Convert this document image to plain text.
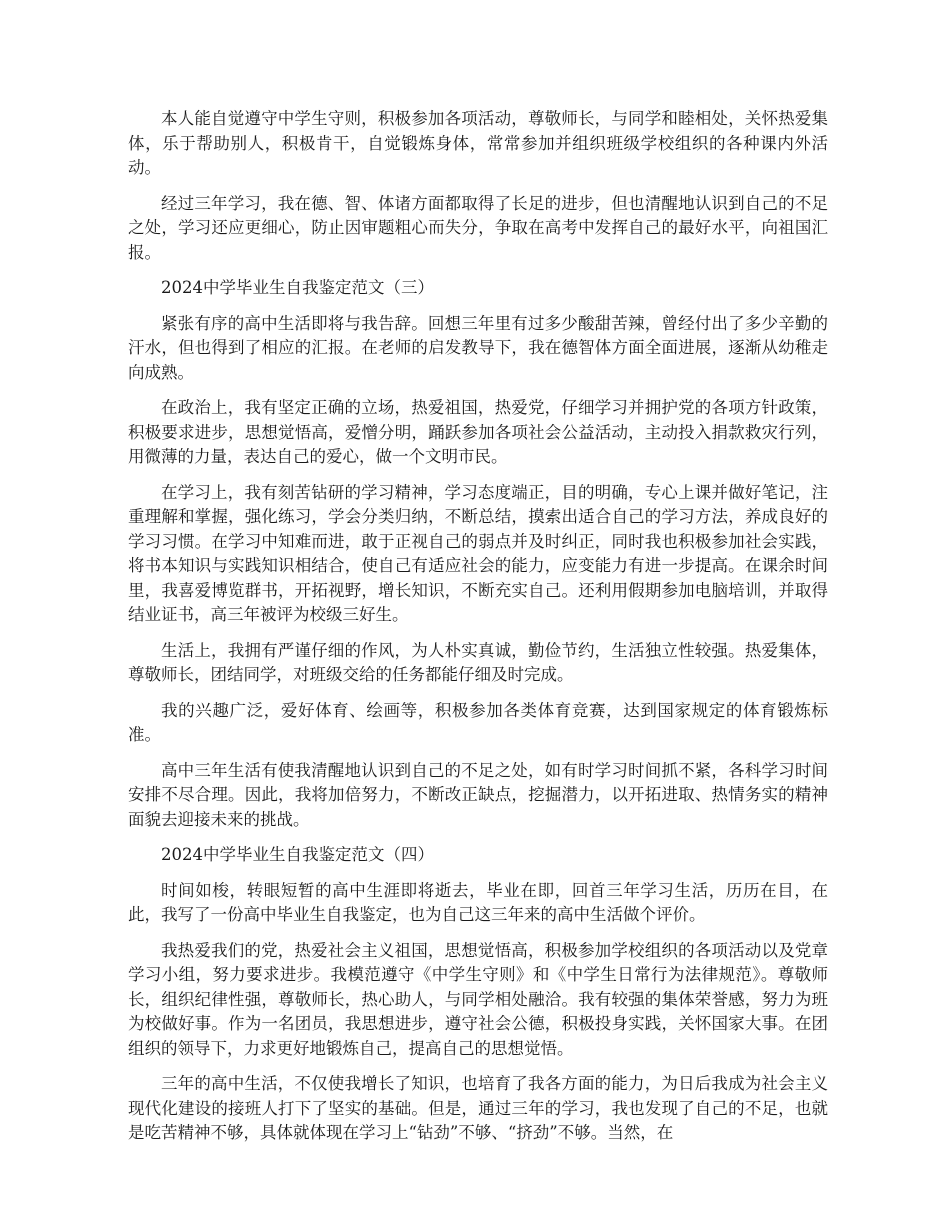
本人能自觉遵守中学生守则，积极参加各项活动，尊敬师长，与同学和睦相处，关怀热爱集体，乐于帮助别人，积极肯干，自觉锻炼身体，常常参加并组织班级学校组织的各种课内外活动。

经过三年学习，我在德、智、体诸方面都取得了长足的进步，但也清醒地认识到自己的不足之处，学习还应更细心，防止因审题粗心而失分，争取在高考中发挥自己的最好水平，向祖国汇报。

2024中学毕业生自我鉴定范文（三）

紧张有序的高中生活即将与我告辞。回想三年里有过多少酸甜苦辣，曾经付出了多少辛勤的汗水，但也得到了相应的汇报。在老师的启发教导下，我在德智体方面全面进展，逐渐从幼稚走向成熟。

在政治上，我有坚定正确的立场，热爱祖国，热爱党，仔细学习并拥护党的各项方针政策，积极要求进步，思想觉悟高，爱憎分明，踊跃参加各项社会公益活动，主动投入捐款救灾行列，用微薄的力量，表达自己的爱心，做一个文明市民。

在学习上，我有刻苦钻研的学习精神，学习态度端正，目的明确，专心上课并做好笔记，注重理解和掌握，强化练习，学会分类归纳，不断总结，摸索出适合自己的学习方法，养成良好的学习习惯。在学习中知难而进，敢于正视自己的弱点并及时纠正，同时我也积极参加社会实践，将书本知识与实践知识相结合，使自己有适应社会的能力，应变能力有进一步提高。在课余时间里，我喜爱博览群书，开拓视野，增长知识，不断充实自己。还利用假期参加电脑培训，并取得结业证书，高三年被评为校级三好生。

生活上，我拥有严谨仔细的作风，为人朴实真诚，勤俭节约，生活独立性较强。热爱集体，尊敬师长，团结同学，对班级交给的任务都能仔细及时完成。

我的兴趣广泛，爱好体育、绘画等，积极参加各类体育竞赛，达到国家规定的体育锻炼标准。

高中三年生活有使我清醒地认识到自己的不足之处，如有时学习时间抓不紧，各科学习时间安排不尽合理。因此，我将加倍努力，不断改正缺点，挖掘潜力，以开拓进取、热情务实的精神面貌去迎接未来的挑战。

2024中学毕业生自我鉴定范文（四）

时间如梭，转眼短暂的高中生涯即将逝去，毕业在即，回首三年学习生活，历历在目，在此，我写了一份高中毕业生自我鉴定，也为自己这三年来的高中生活做个评价。

我热爱我们的党，热爱社会主义祖国，思想觉悟高，积极参加学校组织的各项活动以及党章学习小组，努力要求进步。我模范遵守《中学生守则》和《中学生日常行为法律规范》。尊敬师长，组织纪律性强，尊敬师长，热心助人，与同学相处融洽。我有较强的集体荣誉感，努力为班为校做好事。作为一名团员，我思想进步，遵守社会公德，积极投身实践，关怀国家大事。在团组织的领导下，力求更好地锻炼自己，提高自己的思想觉悟。

三年的高中生活，不仅使我增长了知识，也培育了我各方面的能力，为日后我成为社会主义现代化建设的接班人打下了坚实的基础。但是，通过三年的学习，我也发现了自己的不足，也就是吃苦精神不够，具体就体现在学习上“钻劲”不够、“挤劲”不够。当然，在
